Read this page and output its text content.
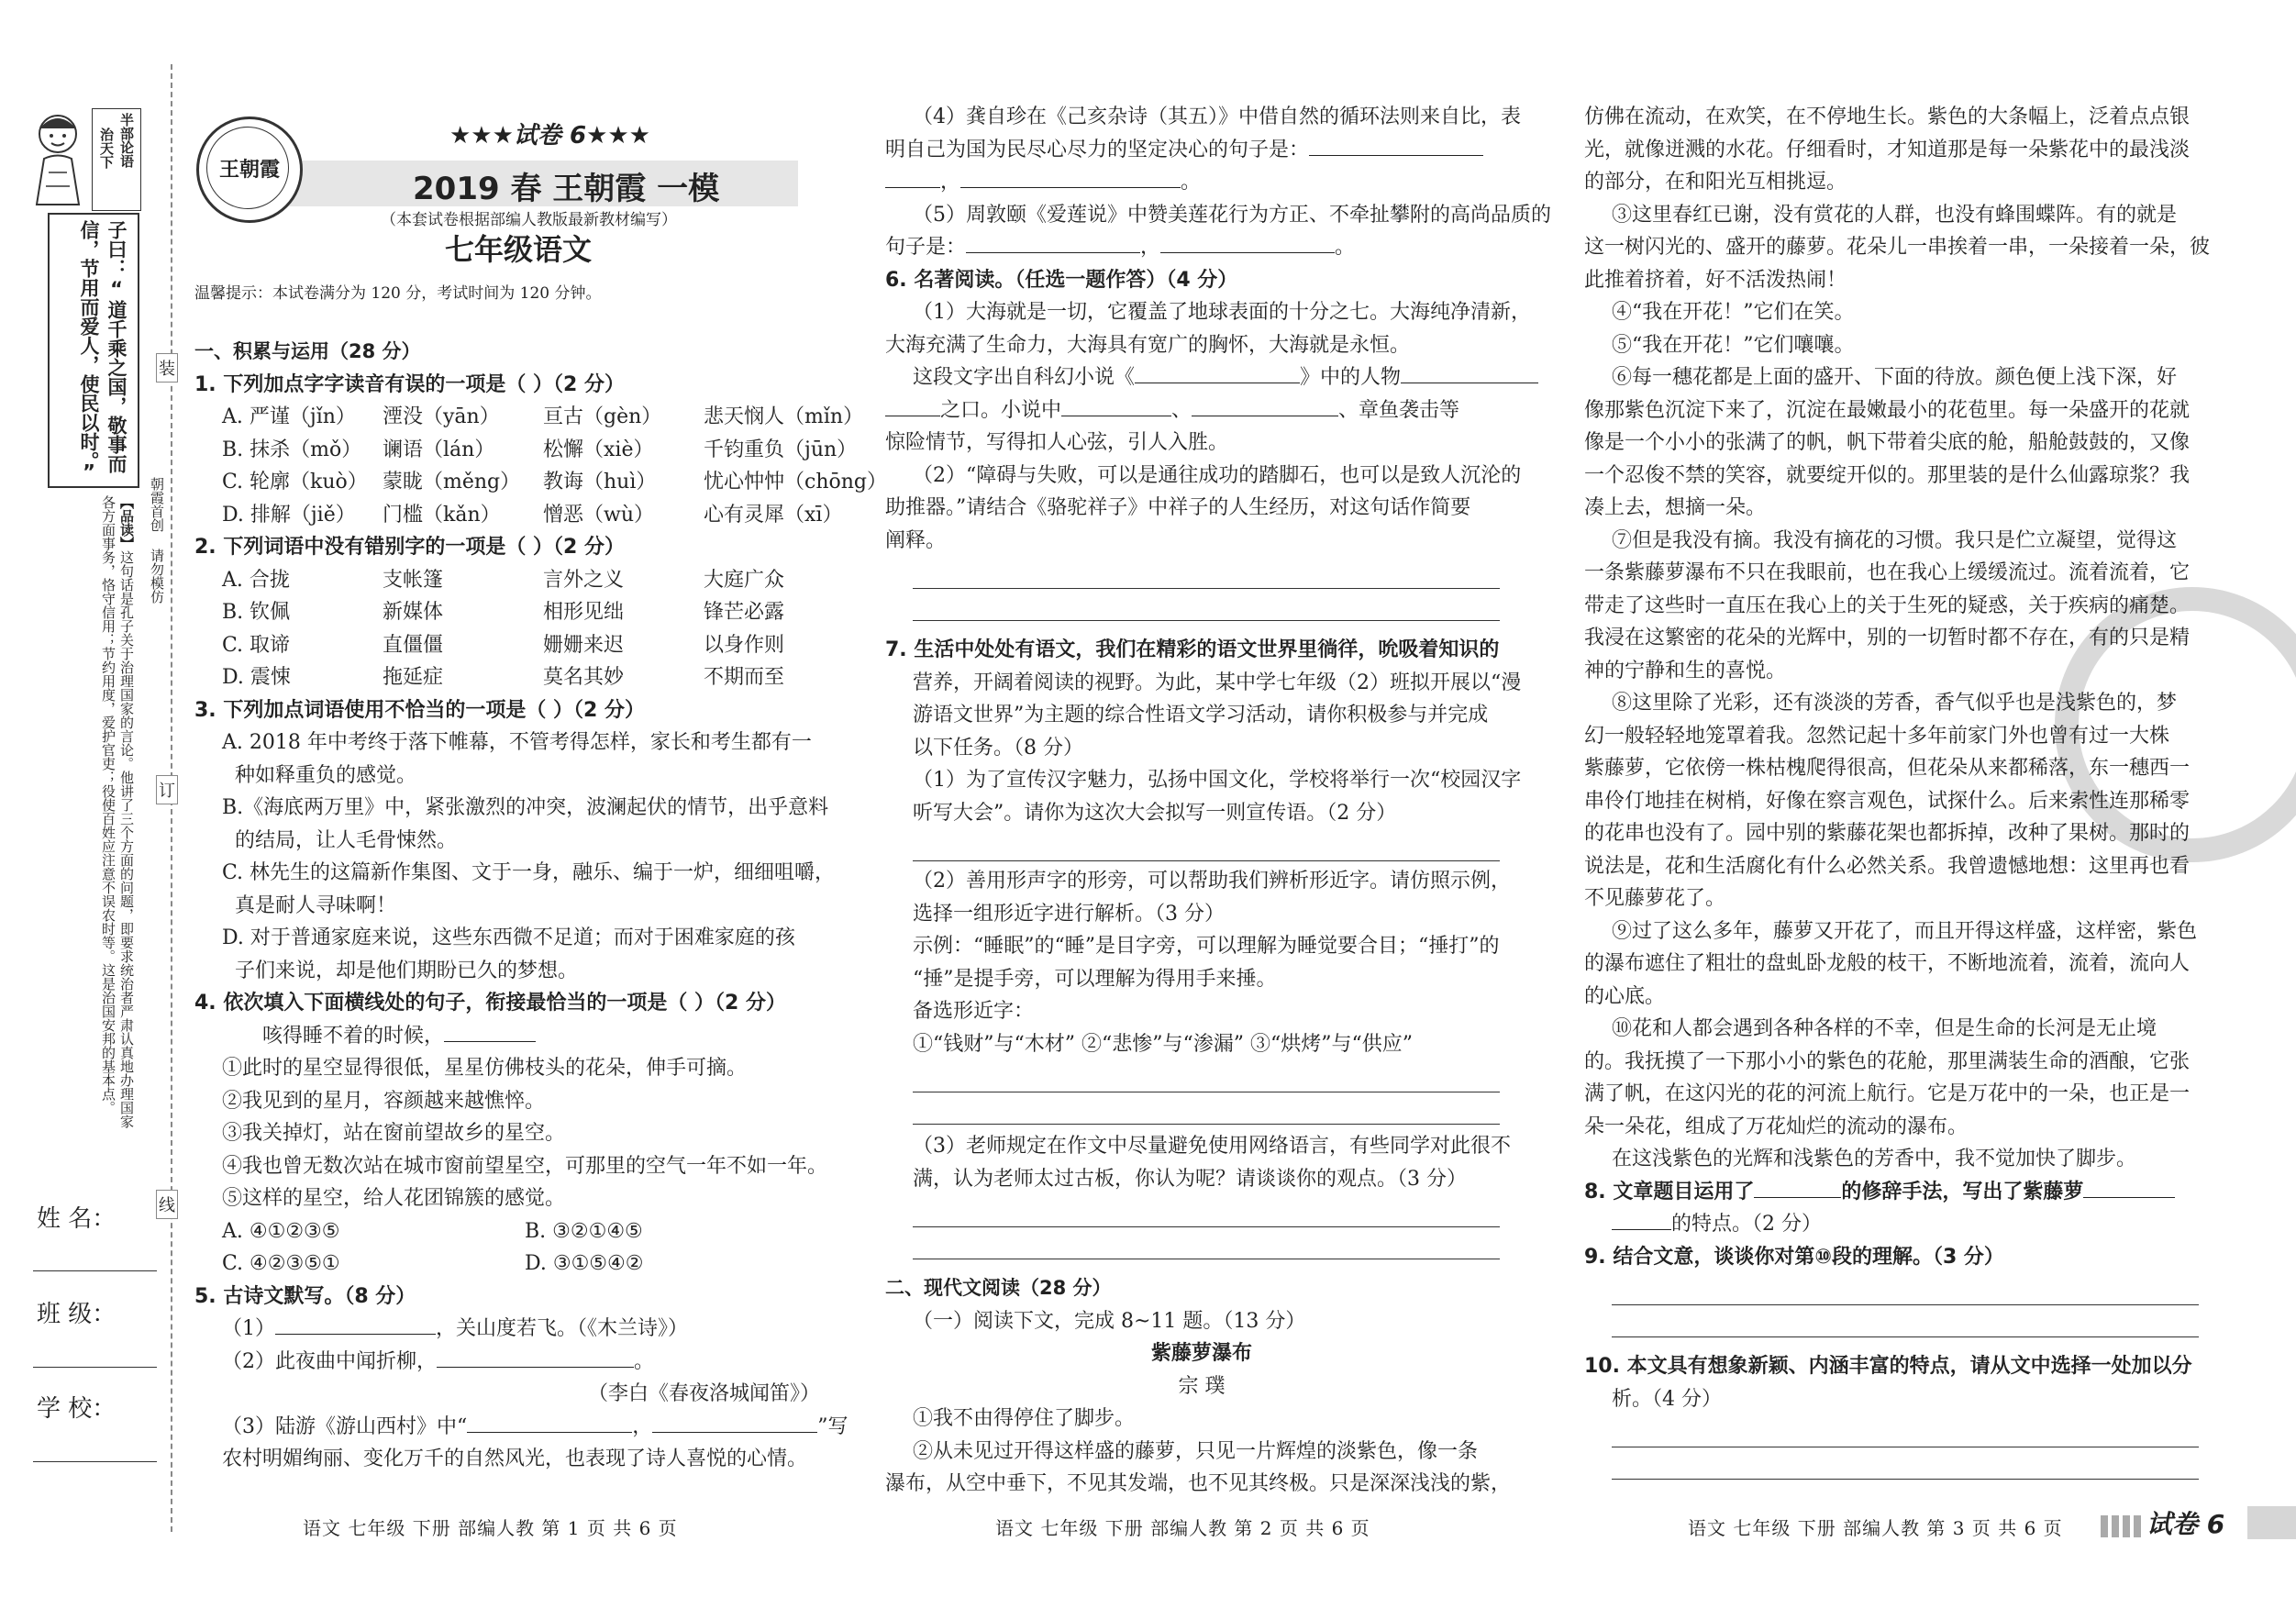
半部论语
治天下
子曰：“道千乘之国，敬事而信，节用而爱人，使民以时。”
【品读】这句话是孔子关于治理国家的言论。他讲了三个方面的问题，即要求统治者严肃认真地办理国家各方面事务，恪守信用；节约用度，爱护官吏；役使百姓应注意不误农时等。这是治国安邦的基本点。
装
订
线
朝霞首创 请勿模仿
姓 名：
班 级：
学 校：
王朝霞
★★★试卷 6★★★
2019 春 王朝霞 一模
（本套试卷根据部编人教版最新教材编写）
七年级语文
温馨提示：本试卷满分为 120 分，考试时间为 120 分钟。

一、积累与运用（28 分）

1. 下列加点字字读音有误的一项是（ ）（2 分）

A. 严谨（jǐn） 湮没（yān） 亘古（gèn） 悲天悯人（mǐn）

B. 抹杀（mǒ） 谰语（lán） 松懈（xiè） 千钧重负（jūn）

C. 轮廓（kuò） 蒙眬（měng） 教诲（huì） 忧心忡忡（chōng）

D. 排解（jiě） 门槛（kǎn） 憎恶（wù） 心有灵犀（xī）

2. 下列词语中没有错别字的一项是（ ）（2 分）

A. 合拢	支帐篷	言外之义	大庭广众

B. 钦佩	新媒体	相形见绌	锋芒必露

C. 取谛	直僵僵	姗姗来迟	以身作则

D. 震悚	拖延症	莫名其妙	不期而至

3. 下列加点词语使用不恰当的一项是（ ）（2 分）

A. 2018 年中考终于落下帷幕，不管考得怎样，家长和考生都有一

种如释重负的感觉。

B.《海底两万里》中，紧张激烈的冲突，波澜起伏的情节，出乎意料

的结局，让人毛骨悚然。

C. 林先生的这篇新作集图、文于一身，融乐、编于一炉，细细咀嚼，

真是耐人寻味啊！

D. 对于普通家庭来说，这些东西微不足道；而对于困难家庭的孩

子们来说，却是他们期盼已久的梦想。

4. 依次填入下面横线处的句子，衔接最恰当的一项是（ ）（2 分）

咳得睡不着的时候，

①此时的星空显得很低，星星仿佛枝头的花朵，伸手可摘。

②我见到的星月，容颜越来越憔悴。

③我关掉灯，站在窗前望故乡的星空。

④我也曾无数次站在城市窗前望星空，可那里的空气一年不如一年。

⑤这样的星空，给人花团锦簇的感觉。

A. ④①②③⑤	B. ③②①④⑤

C. ④②③⑤①	D. ③①⑤④②

5. 古诗文默写。（8 分）

（1）	，关山度若飞。（《木兰诗》）

（2）此夜曲中闻折柳，	。

（李白《春夜洛城闻笛》）

（3）陆游《游山西村》中“	，	”写

农村明媚绚丽、变化万千的自然风光，也表现了诗人喜悦的心情。

（4）龚自珍在《己亥杂诗（其五）》中借自然的循环法则来自比，表

明自己为国为民尽心尽力的坚定决心的句子是：

，	。

（5）周敦颐《爱莲说》中赞美莲花行为方正、不牵扯攀附的高尚品质的

句子是：	，	。

6. 名著阅读。（任选一题作答）（4 分）

（1）大海就是一切，它覆盖了地球表面的十分之七。大海纯净清新，

大海充满了生命力，大海具有宽广的胸怀，大海就是永恒。

这段文字出自科幻小说《	》中的人物

之口。小说中	、	、章鱼袭击等

惊险情节，写得扣人心弦，引人入胜。

（2）“障碍与失败，可以是通往成功的踏脚石，也可以是致人沉沦的

助推器。”请结合《骆驼祥子》中祥子的人生经历，对这句话作简要

阐释。

7. 生活中处处有语文，我们在精彩的语文世界里徜徉，吮吸着知识的

营养，开阔着阅读的视野。为此，某中学七年级（2）班拟开展以“漫

游语文世界”为主题的综合性语文学习活动，请你积极参与并完成

以下任务。（8 分）

（1）为了宣传汉字魅力，弘扬中国文化，学校将举行一次“校园汉字

听写大会”。请你为这次大会拟写一则宣传语。（2 分）

（2）善用形声字的形旁，可以帮助我们辨析形近字。请仿照示例，

选择一组形近字进行解析。（3 分）

示例：“睡眠”的“睡”是目字旁，可以理解为睡觉要合目；“捶打”的

“捶”是提手旁，可以理解为得用手来捶。

备选形近字：

①“钱财”与“木材” ②“悲惨”与“渗漏” ③“烘烤”与“供应”

（3）老师规定在作文中尽量避免使用网络语言，有些同学对此很不

满，认为老师太过古板，你认为呢？请谈谈你的观点。（3 分）

二、现代文阅读（28 分）

（一）阅读下文，完成 8~11 题。（13 分）

紫藤萝瀑布

宗 璞

①我不由得停住了脚步。

②从未见过开得这样盛的藤萝，只见一片辉煌的淡紫色，像一条

瀑布，从空中垂下，不见其发端，也不见其终极。只是深深浅浅的紫，

仿佛在流动，在欢笑，在不停地生长。紫色的大条幅上，泛着点点银

光，就像迸溅的水花。仔细看时，才知道那是每一朵紫花中的最浅淡

的部分，在和阳光互相挑逗。

③这里春红已谢，没有赏花的人群，也没有蜂围蝶阵。有的就是

这一树闪光的、盛开的藤萝。花朵儿一串挨着一串，一朵接着一朵，彼

此推着挤着，好不活泼热闹！

④“我在开花！”它们在笑。

⑤“我在开花！”它们嚷嚷。

⑥每一穗花都是上面的盛开、下面的待放。颜色便上浅下深，好

像那紫色沉淀下来了，沉淀在最嫩最小的花苞里。每一朵盛开的花就

像是一个小小的张满了的帆，帆下带着尖底的舱，船舱鼓鼓的，又像

一个忍俊不禁的笑容，就要绽开似的。那里装的是什么仙露琼浆？我

凑上去，想摘一朵。

⑦但是我没有摘。我没有摘花的习惯。我只是伫立凝望，觉得这

一条紫藤萝瀑布不只在我眼前，也在我心上缓缓流过。流着流着，它

带走了这些时一直压在我心上的关于生死的疑惑，关于疾病的痛楚。

我浸在这繁密的花朵的光辉中，别的一切暂时都不存在，有的只是精

神的宁静和生的喜悦。

⑧这里除了光彩，还有淡淡的芳香，香气似乎也是浅紫色的，梦

幻一般轻轻地笼罩着我。忽然记起十多年前家门外也曾有过一大株

紫藤萝，它依傍一株枯槐爬得很高，但花朵从来都稀落，东一穗西一

串伶仃地挂在树梢，好像在察言观色，试探什么。后来索性连那稀零

的花串也没有了。园中别的紫藤花架也都拆掉，改种了果树。那时的

说法是，花和生活腐化有什么必然关系。我曾遗憾地想：这里再也看

不见藤萝花了。

⑨过了这么多年，藤萝又开花了，而且开得这样盛，这样密，紫色

的瀑布遮住了粗壮的盘虬卧龙般的枝干，不断地流着，流着，流向人

的心底。

⑩花和人都会遇到各种各样的不幸，但是生命的长河是无止境

的。我抚摸了一下那小小的紫色的花舱，那里满装生命的酒酿，它张

满了帆，在这闪光的花的河流上航行。它是万花中的一朵，也正是一

朵一朵花，组成了万花灿烂的流动的瀑布。

在这浅紫色的光辉和浅紫色的芳香中，我不觉加快了脚步。

8. 文章题目运用了	的修辞手法，写出了紫藤萝

的特点。（2 分）

9. 结合文意，谈谈你对第⑩段的理解。（3 分）

10. 本文具有想象新颖、内涵丰富的特点，请从文中选择一处加以分

析。（4 分）

语文 七年级 下册 部编人教 第 1 页 共 6 页	语文 七年级 下册 部编人教 第 2 页 共 6 页	语文 七年级 下册 部编人教 第 3 页 共 6 页	试卷 6
